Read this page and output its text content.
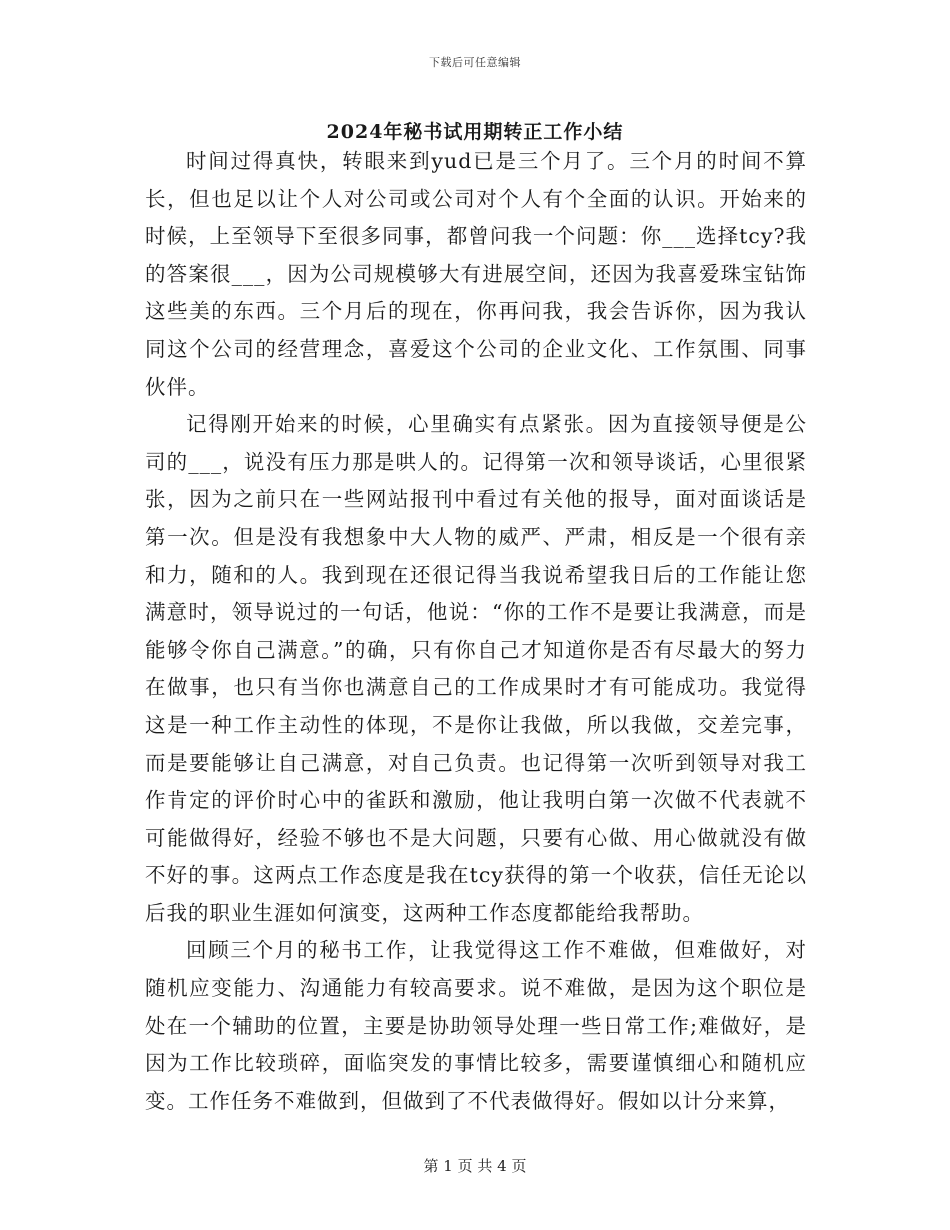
下载后可任意编辑
2024年秘书试用期转正工作小结

时间过得真快，转眼来到yud已是三个月了。三个月的时间不算长，但也足以让个人对公司或公司对个人有个全面的认识。开始来的时候，上至领导下至很多同事，都曾问我一个问题：你___选择tcy?我的答案很___，因为公司规模够大有进展空间，还因为我喜爱珠宝钻饰这些美的东西。三个月后的现在，你再问我，我会告诉你，因为我认同这个公司的经营理念，喜爱这个公司的企业文化、工作氛围、同事伙伴。

记得刚开始来的时候，心里确实有点紧张。因为直接领导便是公司的___，说没有压力那是哄人的。记得第一次和领导谈话，心里很紧张，因为之前只在一些网站报刊中看过有关他的报导，面对面谈话是第一次。但是没有我想象中大人物的威严、严肃，相反是一个很有亲和力，随和的人。我到现在还很记得当我说希望我日后的工作能让您满意时，领导说过的一句话，他说：“你的工作不是要让我满意，而是能够令你自己满意。”的确，只有你自己才知道你是否有尽最大的努力在做事，也只有当你也满意自己的工作成果时才有可能成功。我觉得这是一种工作主动性的体现，不是你让我做，所以我做，交差完事，而是要能够让自己满意，对自己负责。也记得第一次听到领导对我工作肯定的评价时心中的雀跃和激励，他让我明白第一次做不代表就不可能做得好，经验不够也不是大问题，只要有心做、用心做就没有做不好的事。这两点工作态度是我在tcy获得的第一个收获，信任无论以后我的职业生涯如何演变，这两种工作态度都能给我帮助。

回顾三个月的秘书工作，让我觉得这工作不难做，但难做好，对随机应变能力、沟通能力有较高要求。说不难做，是因为这个职位是处在一个辅助的位置，主要是协助领导处理一些日常工作;难做好，是因为工作比较琐碎，面临突发的事情比较多，需要谨慎细心和随机应变。工作任务不难做到，但做到了不代表做得好。假如以计分来算，

第 1 页 共 4 页
